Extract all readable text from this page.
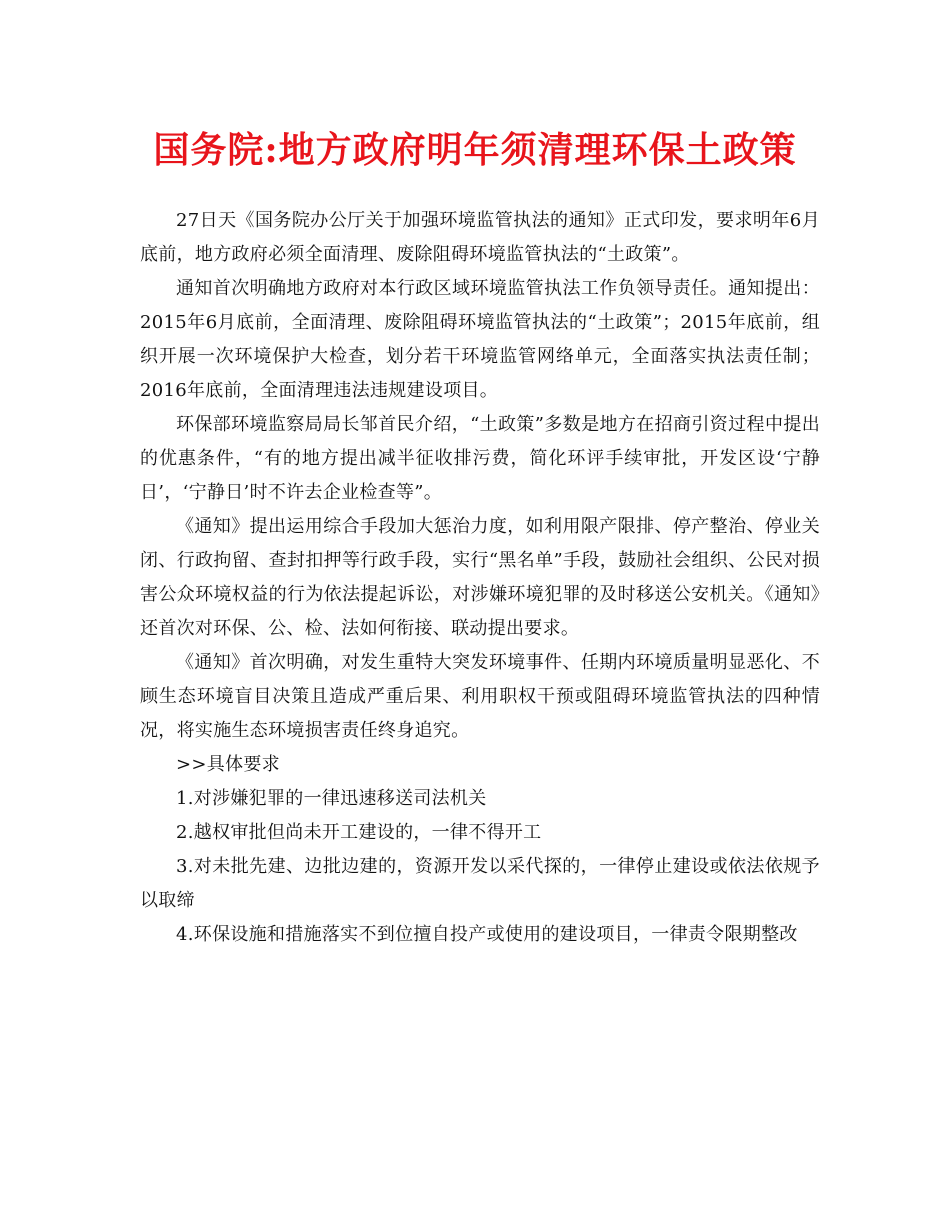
国务院:地方政府明年须清理环保土政策

27日天《国务院办公厅关于加强环境监管执法的通知》正式印发，要求明年6月底前，地方政府必须全面清理、废除阻碍环境监管执法的“土政策”。

通知首次明确地方政府对本行政区域环境监管执法工作负领导责任。通知提出：2015年6月底前，全面清理、废除阻碍环境监管执法的“土政策”；2015年底前，组织开展一次环境保护大检查，划分若干环境监管网络单元，全面落实执法责任制；2016年底前，全面清理违法违规建设项目。

环保部环境监察局局长邹首民介绍，“土政策”多数是地方在招商引资过程中提出的优惠条件，“有的地方提出减半征收排污费，简化环评手续审批，开发区设‘宁静日’，‘宁静日’时不许去企业检查等”。

《通知》提出运用综合手段加大惩治力度，如利用限产限排、停产整治、停业关闭、行政拘留、查封扣押等行政手段，实行“黑名单”手段，鼓励社会组织、公民对损害公众环境权益的行为依法提起诉讼，对涉嫌环境犯罪的及时移送公安机关。《通知》还首次对环保、公、检、法如何衔接、联动提出要求。

《通知》首次明确，对发生重特大突发环境事件、任期内环境质量明显恶化、不顾生态环境盲目决策且造成严重后果、利用职权干预或阻碍环境监管执法的四种情况，将实施生态环境损害责任终身追究。

>>具体要求

1.对涉嫌犯罪的一律迅速移送司法机关

2.越权审批但尚未开工建设的，一律不得开工

3.对未批先建、边批边建的，资源开发以采代探的，一律停止建设或依法依规予以取缔

4.环保设施和措施落实不到位擅自投产或使用的建设项目，一律责令限期整改
